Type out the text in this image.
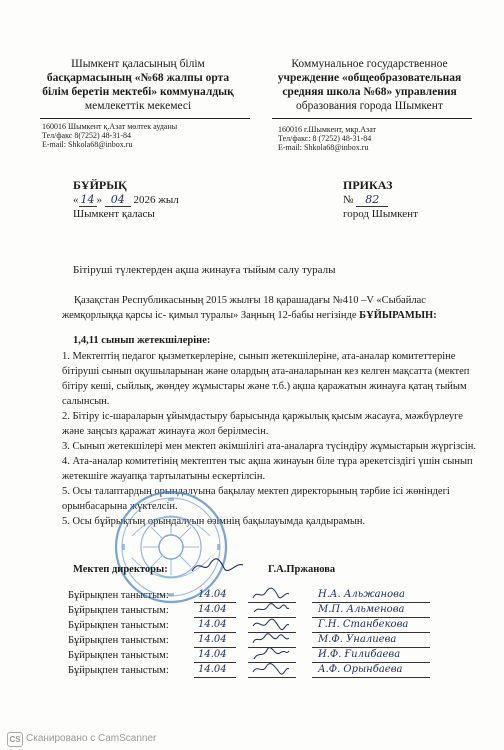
Шымкент қаласының білім
басқармасының «№68 жалпы орта
білім беретін мектебі» коммуналдық
мемлекеттік мекемесі
Коммунальное государственное
учреждение «общеобразовательная
средняя школа №68» управления
образования города Шымкент
160016 Шымкент қ.Азат мөлтек ауданы
Тел/факс 8(7252) 48-31-84
E-mail: Shkola68@inbox.ru
160016 г.Шымкент, мкр.Азат
Тел/факс: 8 (7252) 48-31-84
E-mail: Shkola68@inbox.ru
БҰЙРЫҚ	ПРИКАЗ
« 14 » 04 2026 жыл
Шымкент қаласы
№ 82
город Шымкент
Бітіруші түлектерден ақша жинауға тыйым салу туралы
Қазақстан Республикасының 2015 жылғы 18 қарашадағы №410 –V «Сыбайлас жемқорлыққа қарсы іс- қимыл туралы» Заңның 12-бабы негізінде БҰЙЫРАМЫН:
1,4,11 сынып жетекшілеріне:
1. Мектептің педагог қызметкерлеріне, сынып жетекшілеріне, ата-аналар комитеттеріне бітіруші сынып оқушыларынан және олардың ата-аналарынан кез келген мақсатта (мектеп бітіру кеші, сыйлық, жөндеу жұмыстары және т.б.) ақша қаражатын жинауға қатаң тыйым салынсын.
2. Бітіру іс-шараларын ұйымдастыру барысында қаржылық қысым жасауға, мәжбүрлеуге және заңсыз қаражат жинауға жол берілмесін.
3. Сынып жетекшілері мен мектеп әкімшілігі ата-аналарға түсіндіру жұмыстарын жүргізсін.
4. Ата-аналар комитетінің мектептен тыс ақша жинауын біле тұра әрекетсіздігі үшін сынып жетекшіге жауапқа тартылатыны ескертілсін.
5. Осы талаптардың орындалуына бақылау мектеп директорының тәрбие ісі жөніндегі орынбасарына жүктелсін.
5. Осы бұйрықтың орындалуын өзімнің бақылауымда қалдырамын.
Мектеп директоры:	Г.А.Пржанова
Бұйрықпен таныстым:	14.04	Н.А. Альжанова
Бұйрықпен таныстым:	14.04	М.П. Альменова
Бұйрықпен таныстым:	14.04	Г.Н. Станбекова
Бұйрықпен таныстым:	14.04	М.Ф. Уналиева
Бұйрықпен таныстым:	14.04	И.Ф. Ғилибаева
Бұйрықпен таныстым:	14.04	А.Ф. Орынбаева
CS Сканировано с CamScanner
